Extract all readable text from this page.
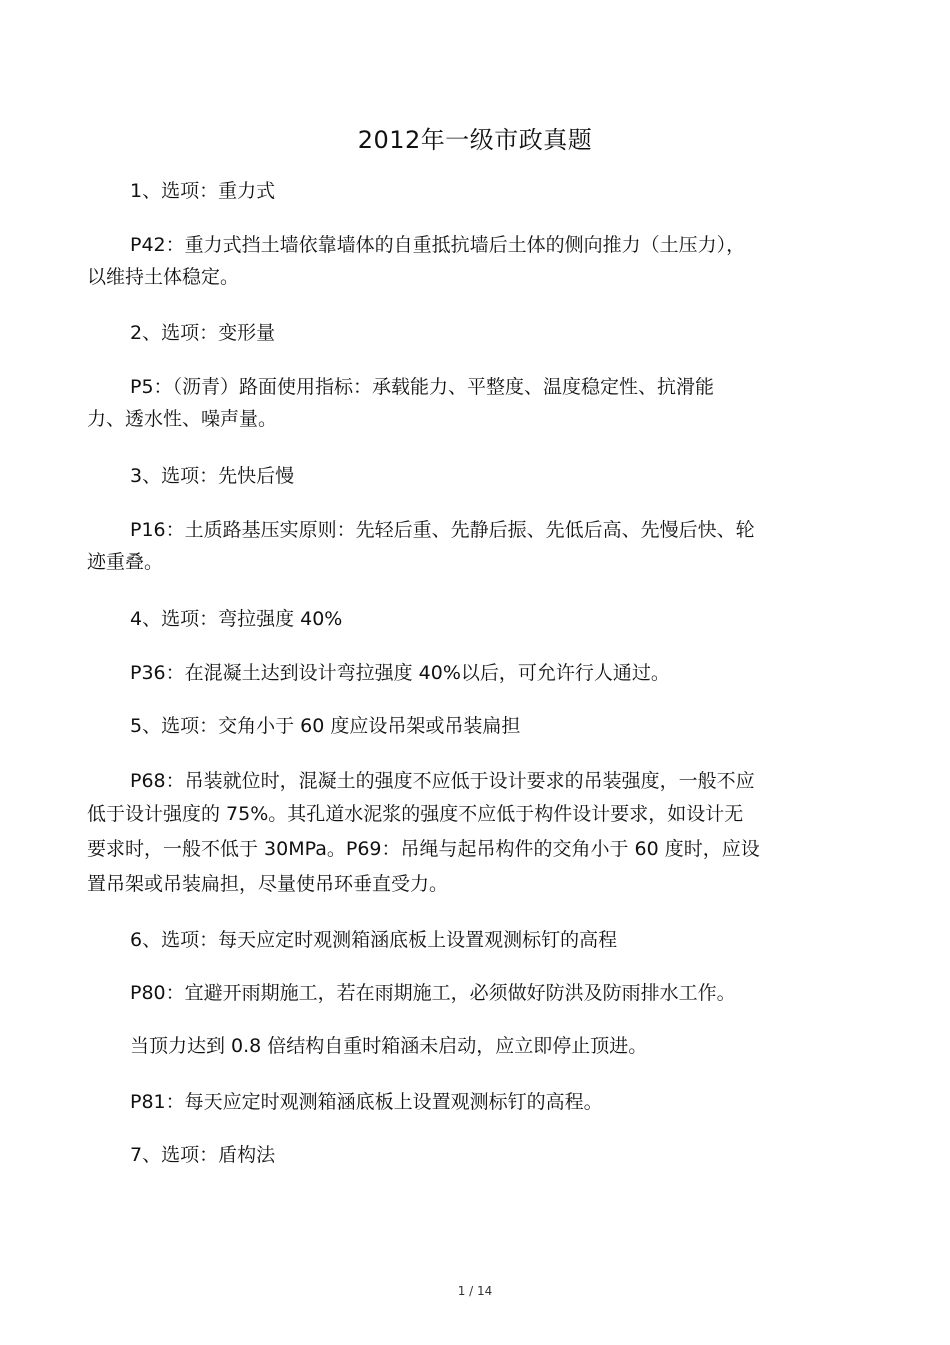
2012年一级市政真题
1、选项：重力式
P42：重力式挡土墙依靠墙体的自重抵抗墙后土体的侧向推力（土压力），
以维持土体稳定。
2、选项：变形量
P5：（沥青）路面使用指标：承载能力、平整度、温度稳定性、抗滑能
力、透水性、噪声量。
3、选项：先快后慢
P16：土质路基压实原则：先轻后重、先静后振、先低后高、先慢后快、轮
迹重叠。
4、选项：弯拉强度 40%
P36：在混凝土达到设计弯拉强度 40%以后，可允许行人通过。
5、选项：交角小于 60 度应设吊架或吊装扁担
P68：吊装就位时，混凝土的强度不应低于设计要求的吊装强度，一般不应
低于设计强度的 75%。其孔道水泥浆的强度不应低于构件设计要求，如设计无
要求时，一般不低于 30MPa。P69：吊绳与起吊构件的交角小于 60 度时，应设
置吊架或吊装扁担，尽量使吊环垂直受力。
6、选项：每天应定时观测箱涵底板上设置观测标钉的高程
P80：宜避开雨期施工，若在雨期施工，必须做好防洪及防雨排水工作。
当顶力达到 0.8 倍结构自重时箱涵未启动，应立即停止顶进。
P81：每天应定时观测箱涵底板上设置观测标钉的高程。
7、选项：盾构法
1 / 14
